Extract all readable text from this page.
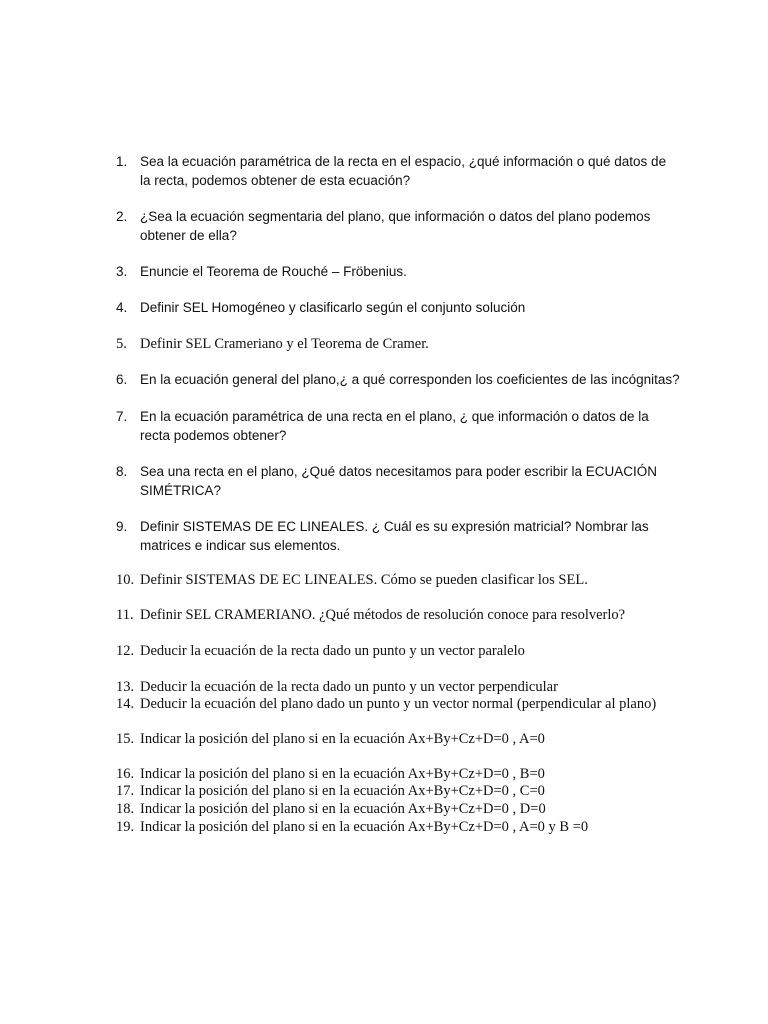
1. Sea la ecuación paramétrica de la recta en el espacio, ¿qué información o qué datos de
la recta, podemos obtener de esta ecuación?
2. ¿Sea la ecuación segmentaria del plano, que información o datos del plano podemos
obtener de ella?
3. Enuncie el Teorema de Rouché – Fröbenius.
4. Definir SEL Homogéneo y clasificarlo según el conjunto solución
5. Definir SEL Crameriano y el Teorema de Cramer.
6. En la ecuación general del plano,¿ a qué corresponden los coeficientes de las incógnitas?
7. En la ecuación paramétrica de una recta en el plano, ¿ que información o datos de la
recta podemos obtener?
8. Sea una recta en el plano, ¿Qué datos necesitamos para poder escribir la ECUACIÓN
SIMÉTRICA?
9. Definir SISTEMAS DE EC LINEALES. ¿ Cuál es su expresión matricial? Nombrar las
matrices e indicar sus elementos.
10. Definir SISTEMAS DE EC LINEALES. Cómo se pueden clasificar los SEL.
11. Definir SEL CRAMERIANO. ¿Qué métodos de resolución conoce para resolverlo?
12. Deducir la ecuación de la recta dado un punto y un vector paralelo
13. Deducir la ecuación de la recta dado un punto y un vector perpendicular
14. Deducir la ecuación del plano dado un punto y un vector normal (perpendicular al plano)
15. Indicar la posición del plano si en la ecuación Ax+By+Cz+D=0 , A=0
16. Indicar la posición del plano si en la ecuación Ax+By+Cz+D=0 , B=0
17. Indicar la posición del plano si en la ecuación Ax+By+Cz+D=0 , C=0
18. Indicar la posición del plano si en la ecuación Ax+By+Cz+D=0 , D=0
19. Indicar la posición del plano si en la ecuación Ax+By+Cz+D=0 , A=0 y B =0
